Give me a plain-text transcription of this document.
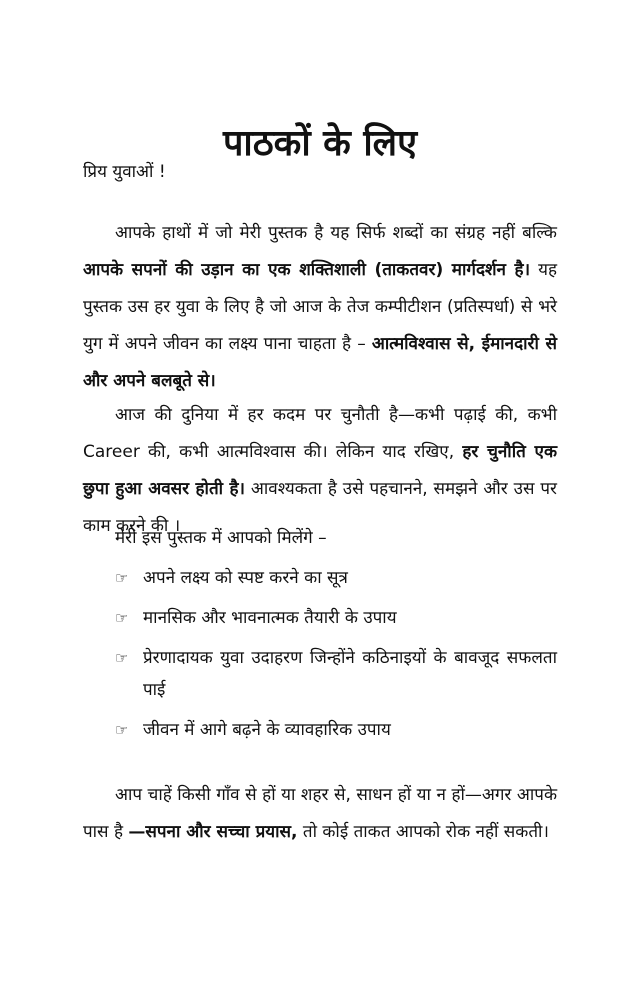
पाठकों के लिए
प्रिय युवाओं !

आपके हाथों में जो मेरी पुस्तक है यह सिर्फ शब्दों का संग्रह नहीं बल्कि आपके सपनों की उड़ान का एक शक्तिशाली (ताकतवर) मार्गदर्शन है। यह पुस्तक उस हर युवा के लिए है जो आज के तेज कम्पीटीशन (प्रतिस्पर्धा) से भरे युग में अपने जीवन का लक्ष्य पाना चाहता है – आत्मविश्वास से, ईमानदारी से और अपने बलबूते से।

आज की दुनिया में हर कदम पर चुनौती है—कभी पढ़ाई की, कभी Career की, कभी आत्मविश्वास की। लेकिन याद रखिए, हर चुनौति एक छुपा हुआ अवसर होती है। आवश्यकता है उसे पहचानने, समझने और उस पर काम करने की ।

मेरी इस पुस्तक में आपको मिलेंगे –
☞ अपने लक्ष्य को स्पष्ट करने का सूत्र
☞ मानसिक और भावनात्मक तैयारी के उपाय
☞ प्रेरणादायक युवा उदाहरण जिन्होंने कठिनाइयों के बावजूद सफलता पाई
☞ जीवन में आगे बढ़ने के व्यावहारिक उपाय

आप चाहें किसी गाँव से हों या शहर से, साधन हों या न हों—अगर आपके पास है —सपना और सच्चा प्रयास, तो कोई ताकत आपको रोक नहीं सकती।
